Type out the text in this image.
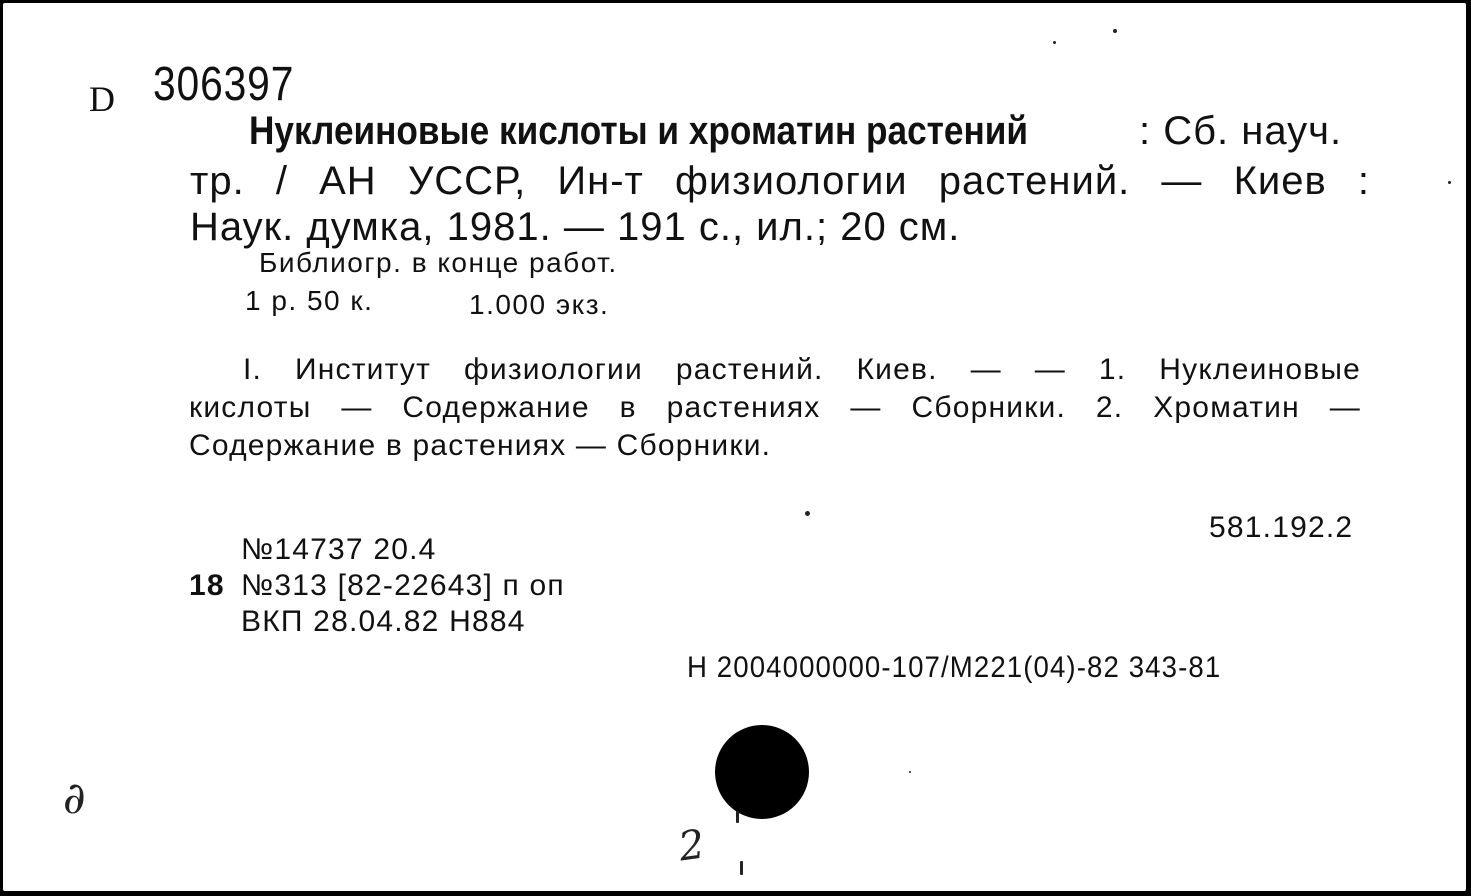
D 306397
Нуклеиновые кислоты и хроматин растений	: Сб. науч.
тр. / АН УССР, Ин-т физиологии растений. — Киев :
Наук. думка, 1981. — 191 с., ил.; 20 см.
Библиогр. в конце работ.
1 р. 50 к.	1.000 экз.
I. Институт физиологии растений. Киев. — — 1. Нуклеиновые
кислоты — Содержание в растениях — Сборники. 2. Хроматин —
Содержание в растениях — Сборники.
581.192.2
№14737 20.4
18 №313 [82-22643] п оп
ВКП 28.04.82 Н884
Н 2004000000-107/М221(04)-82 343-81
∂
2
